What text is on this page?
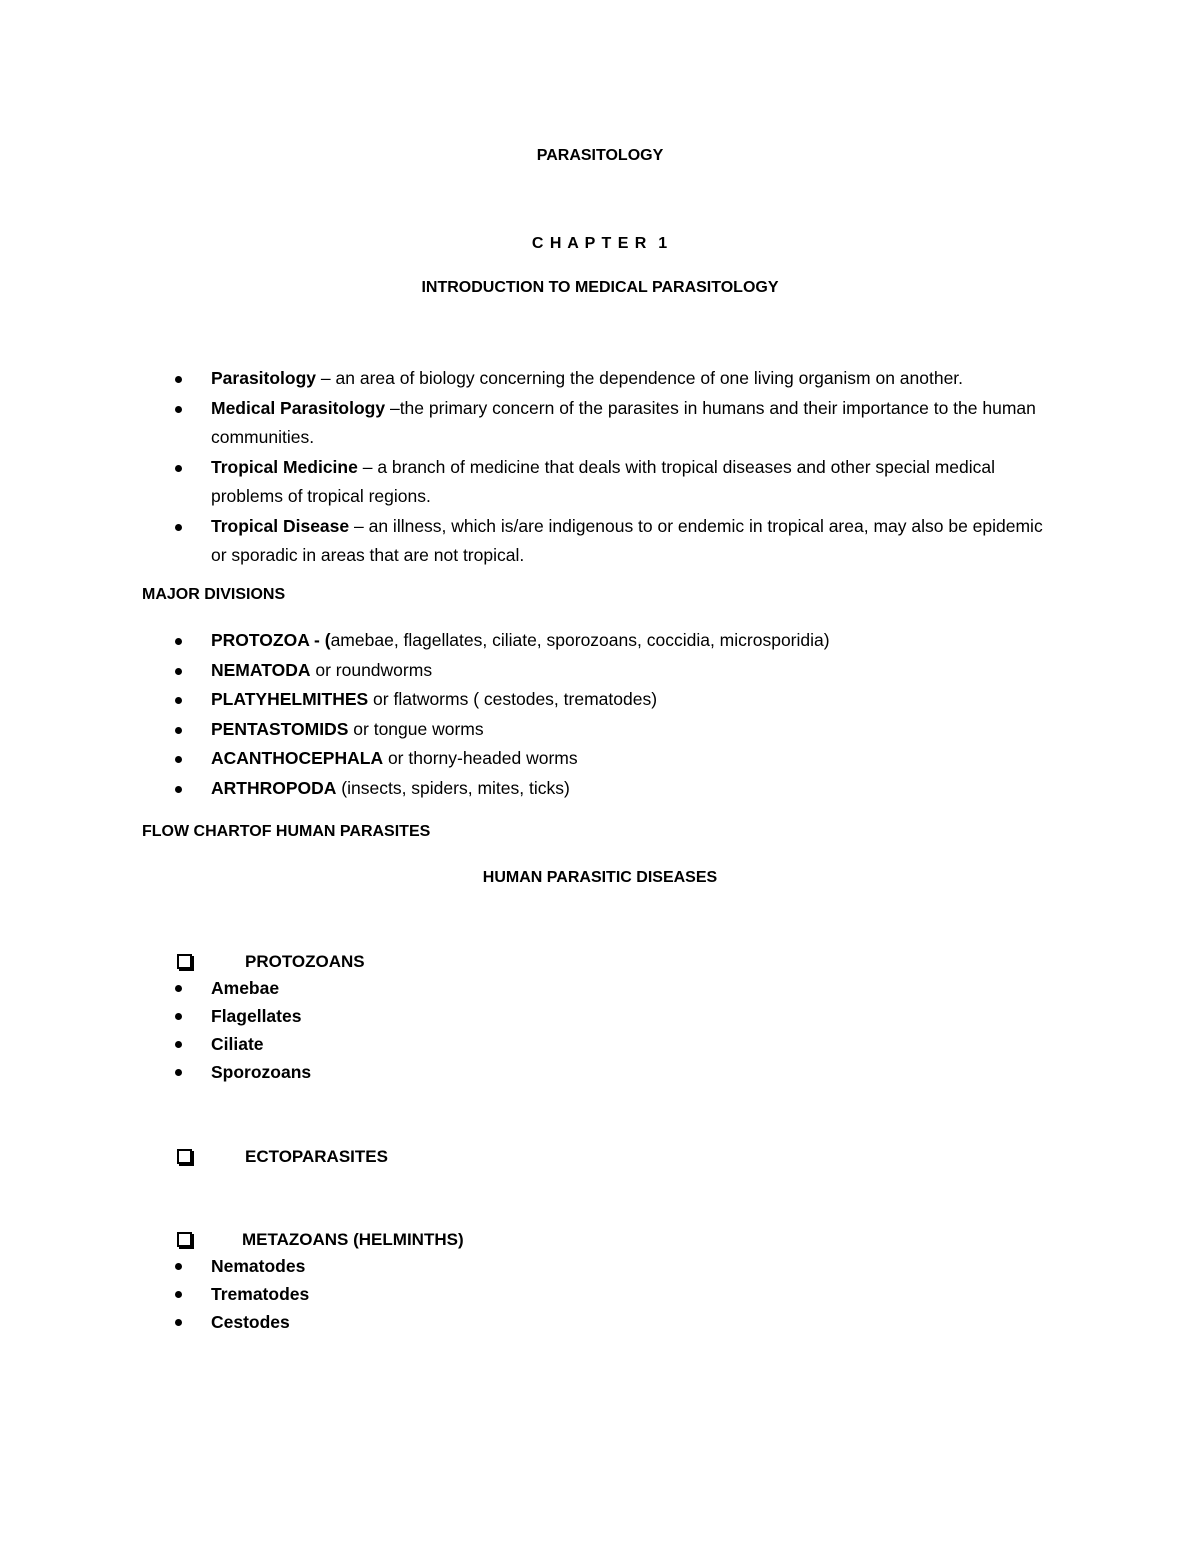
PARASITOLOGY
C H A P T E R  1
INTRODUCTION TO MEDICAL PARASITOLOGY
Parasitology – an area of biology concerning the dependence of one living organism on another.
Medical Parasitology –the primary concern of the parasites in humans and their importance to the human communities.
Tropical Medicine – a branch of medicine that deals with tropical diseases and other special medical problems of tropical regions.
Tropical Disease – an illness, which is/are indigenous to or endemic in tropical area, may also be epidemic or sporadic in areas that are not tropical.
MAJOR DIVISIONS
PROTOZOA - (amebae, flagellates, ciliate, sporozoans, coccidia, microsporidia)
NEMATODA or roundworms
PLATYHELMITHES or flatworms ( cestodes, trematodes)
PENTASTOMIDS or tongue worms
ACANTHOCEPHALA or thorny-headed worms
ARTHROPODA (insects, spiders, mites, ticks)
FLOW CHARTOF HUMAN PARASITES
HUMAN PARASITIC DISEASES
PROTOZOANS
Amebae
Flagellates
Ciliate
Sporozoans
ECTOPARASITES
METAZOANS (HELMINTHS)
Nematodes
Trematodes
Cestodes
